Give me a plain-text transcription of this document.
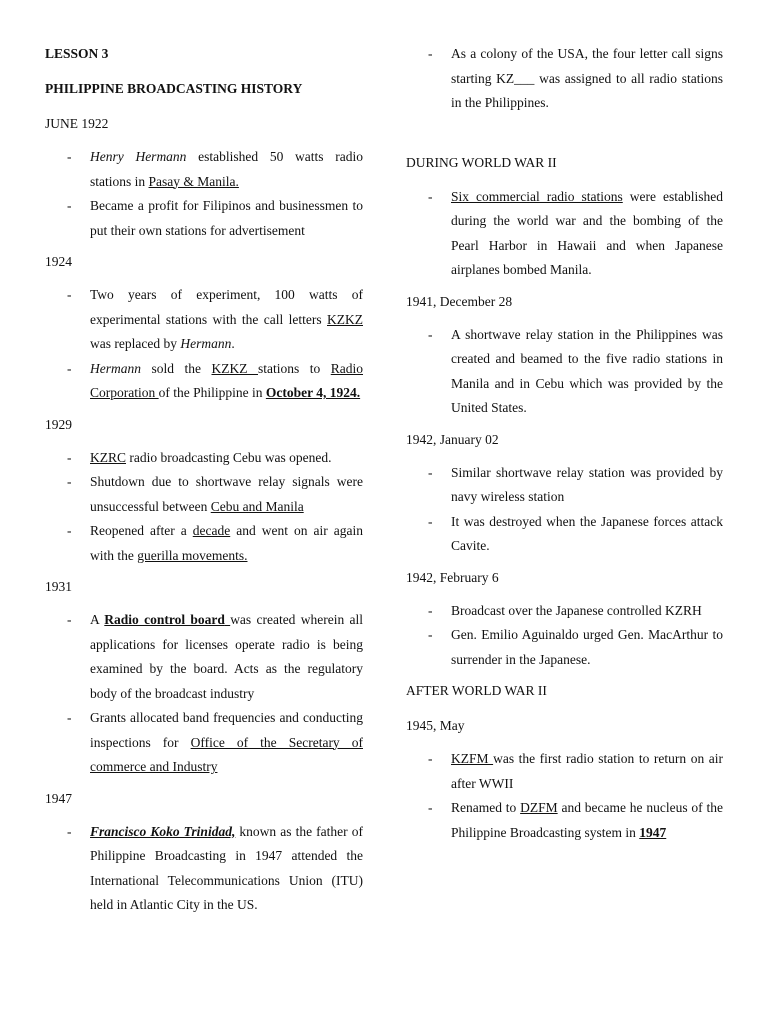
LESSON 3

PHILIPPINE BROADCASTING HISTORY

JUNE 1922

- Henry Hermann established 50 watts radio stations in Pasay & Manila.
- Became a profit for Filipinos and businessmen to put their own stations for advertisement

1924

- Two years of experiment, 100 watts of experimental stations with the call letters KZKZ was replaced by Hermann.
- Hermann sold the KZKZ stations to Radio Corporation of the Philippine in October 4, 1924.

1929

- KZRC radio broadcasting Cebu was opened.
- Shutdown due to shortwave relay signals were unsuccessful between Cebu and Manila
- Reopened after a decade and went on air again with the guerilla movements.

1931

- A Radio control board was created wherein all applications for licenses operate radio is being examined by the board. Acts as the regulatory body of the broadcast industry
- Grants allocated band frequencies and conducting inspections for Office of the Secretary of commerce and Industry

1947

- Francisco Koko Trinidad, known as the father of Philippine Broadcasting in 1947 attended the International Telecommunications Union (ITU) held in Atlantic City in the US.
- As a colony of the USA, the four letter call signs starting KZ___ was assigned to all radio stations in the Philippines.

DURING WORLD WAR II

- Six commercial radio stations were established during the world war and the bombing of the Pearl Harbor in Hawaii and when Japanese airplanes bombed Manila.

1941, December 28

- A shortwave relay station in the Philippines was created and beamed to the five radio stations in Manila and in Cebu which was provided by the United States.

1942, January 02

- Similar shortwave relay station was provided by navy wireless station
- It was destroyed when the Japanese forces attack Cavite.

1942, February 6

- Broadcast over the Japanese controlled KZRH
- Gen. Emilio Aguinaldo urged Gen. MacArthur to surrender in the Japanese.

AFTER WORLD WAR II

1945, May

- KZFM was the first radio station to return on air after WWII
- Renamed to DZFM and became he nucleus of the Philippine Broadcasting system in 1947
